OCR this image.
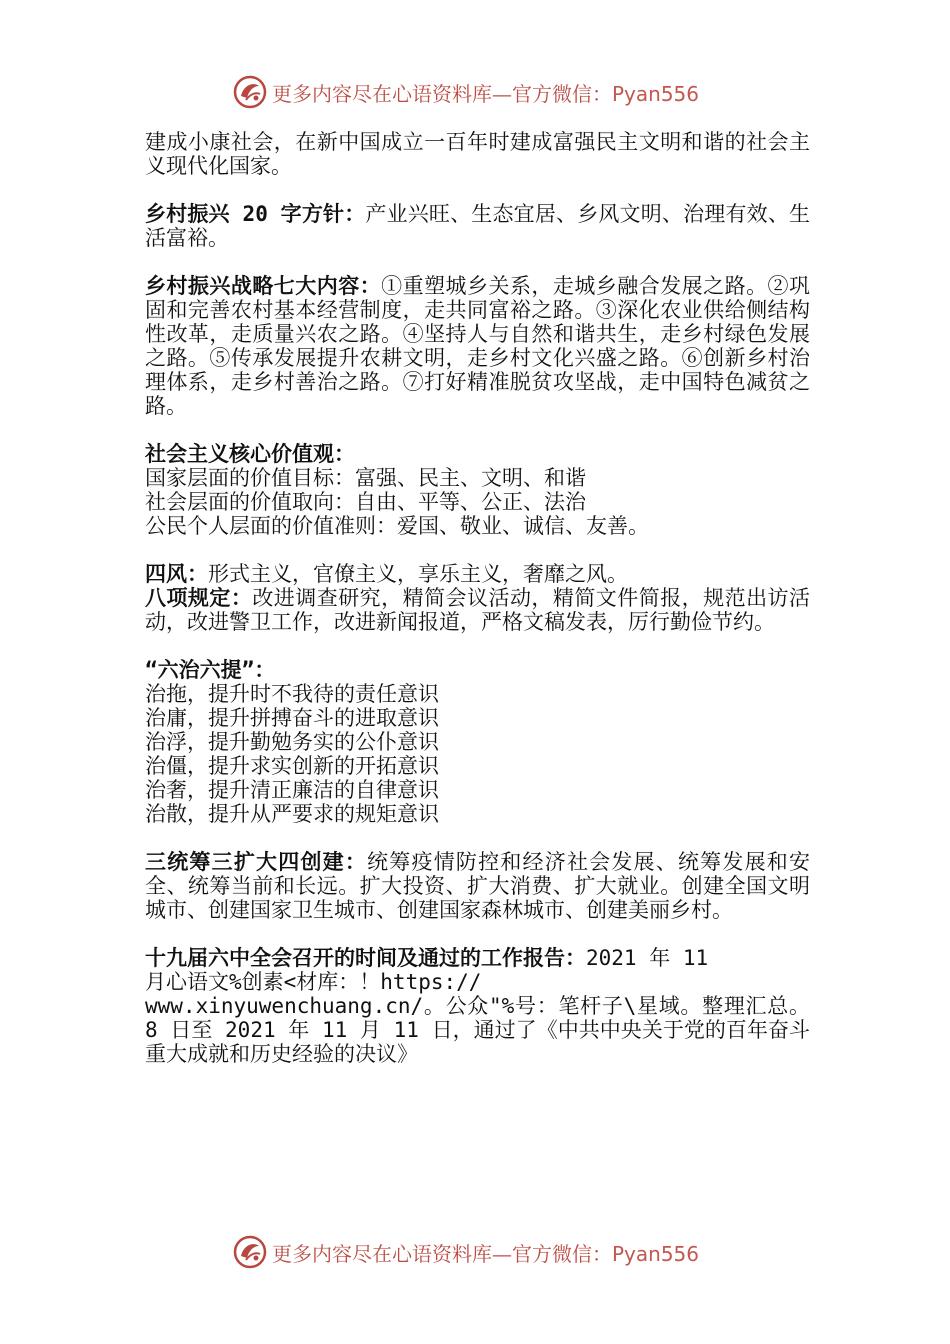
更多内容尽在心语资料库—官方微信：Pyan556

建成小康社会，在新中国成立一百年时建成富强民主文明和谐的社会主义现代化国家。

乡村振兴 20 字方针：产业兴旺、生态宜居、乡风文明、治理有效、生活富裕。

乡村振兴战略七大内容：①重塑城乡关系，走城乡融合发展之路。②巩固和完善农村基本经营制度，走共同富裕之路。③深化农业供给侧结构性改革，走质量兴农之路。④坚持人与自然和谐共生，走乡村绿色发展之路。⑤传承发展提升农耕文明，走乡村文化兴盛之路。⑥创新乡村治理体系，走乡村善治之路。⑦打好精准脱贫攻坚战，走中国特色减贫之路。

社会主义核心价值观：

国家层面的价值目标：富强、民主、文明、和谐

社会层面的价值取向：自由、平等、公正、法治

公民个人层面的价值准则：爱国、敬业、诚信、友善。

四风：形式主义，官僚主义，享乐主义，奢靡之风。

八项规定：改进调查研究，精简会议活动，精简文件简报，规范出访活动，改进警卫工作，改进新闻报道，严格文稿发表，厉行勤俭节约。

“六治六提”：

治拖，提升时不我待的责任意识

治庸，提升拼搏奋斗的进取意识

治浮，提升勤勉务实的公仆意识

治僵，提升求实创新的开拓意识

治奢，提升清正廉洁的自律意识

治散，提升从严要求的规矩意识

三统筹三扩大四创建：统筹疫情防控和经济社会发展、统筹发展和安全、统筹当前和长远。扩大投资、扩大消费、扩大就业。创建全国文明城市、创建国家卫生城市、创建国家森林城市、创建美丽乡村。

十九届六中全会召开的时间及通过的工作报告：2021 年 11

月心语文%创素<材库：！https://

www.xinyuwenchuang.cn/。公众"%号：笔杆子\星域。整理汇总。 8 日至 2021 年 11 月 11 日，通过了《中共中央关于党的百年奋斗重大成就和历史经验的决议》

更多内容尽在心语资料库—官方微信：Pyan556
